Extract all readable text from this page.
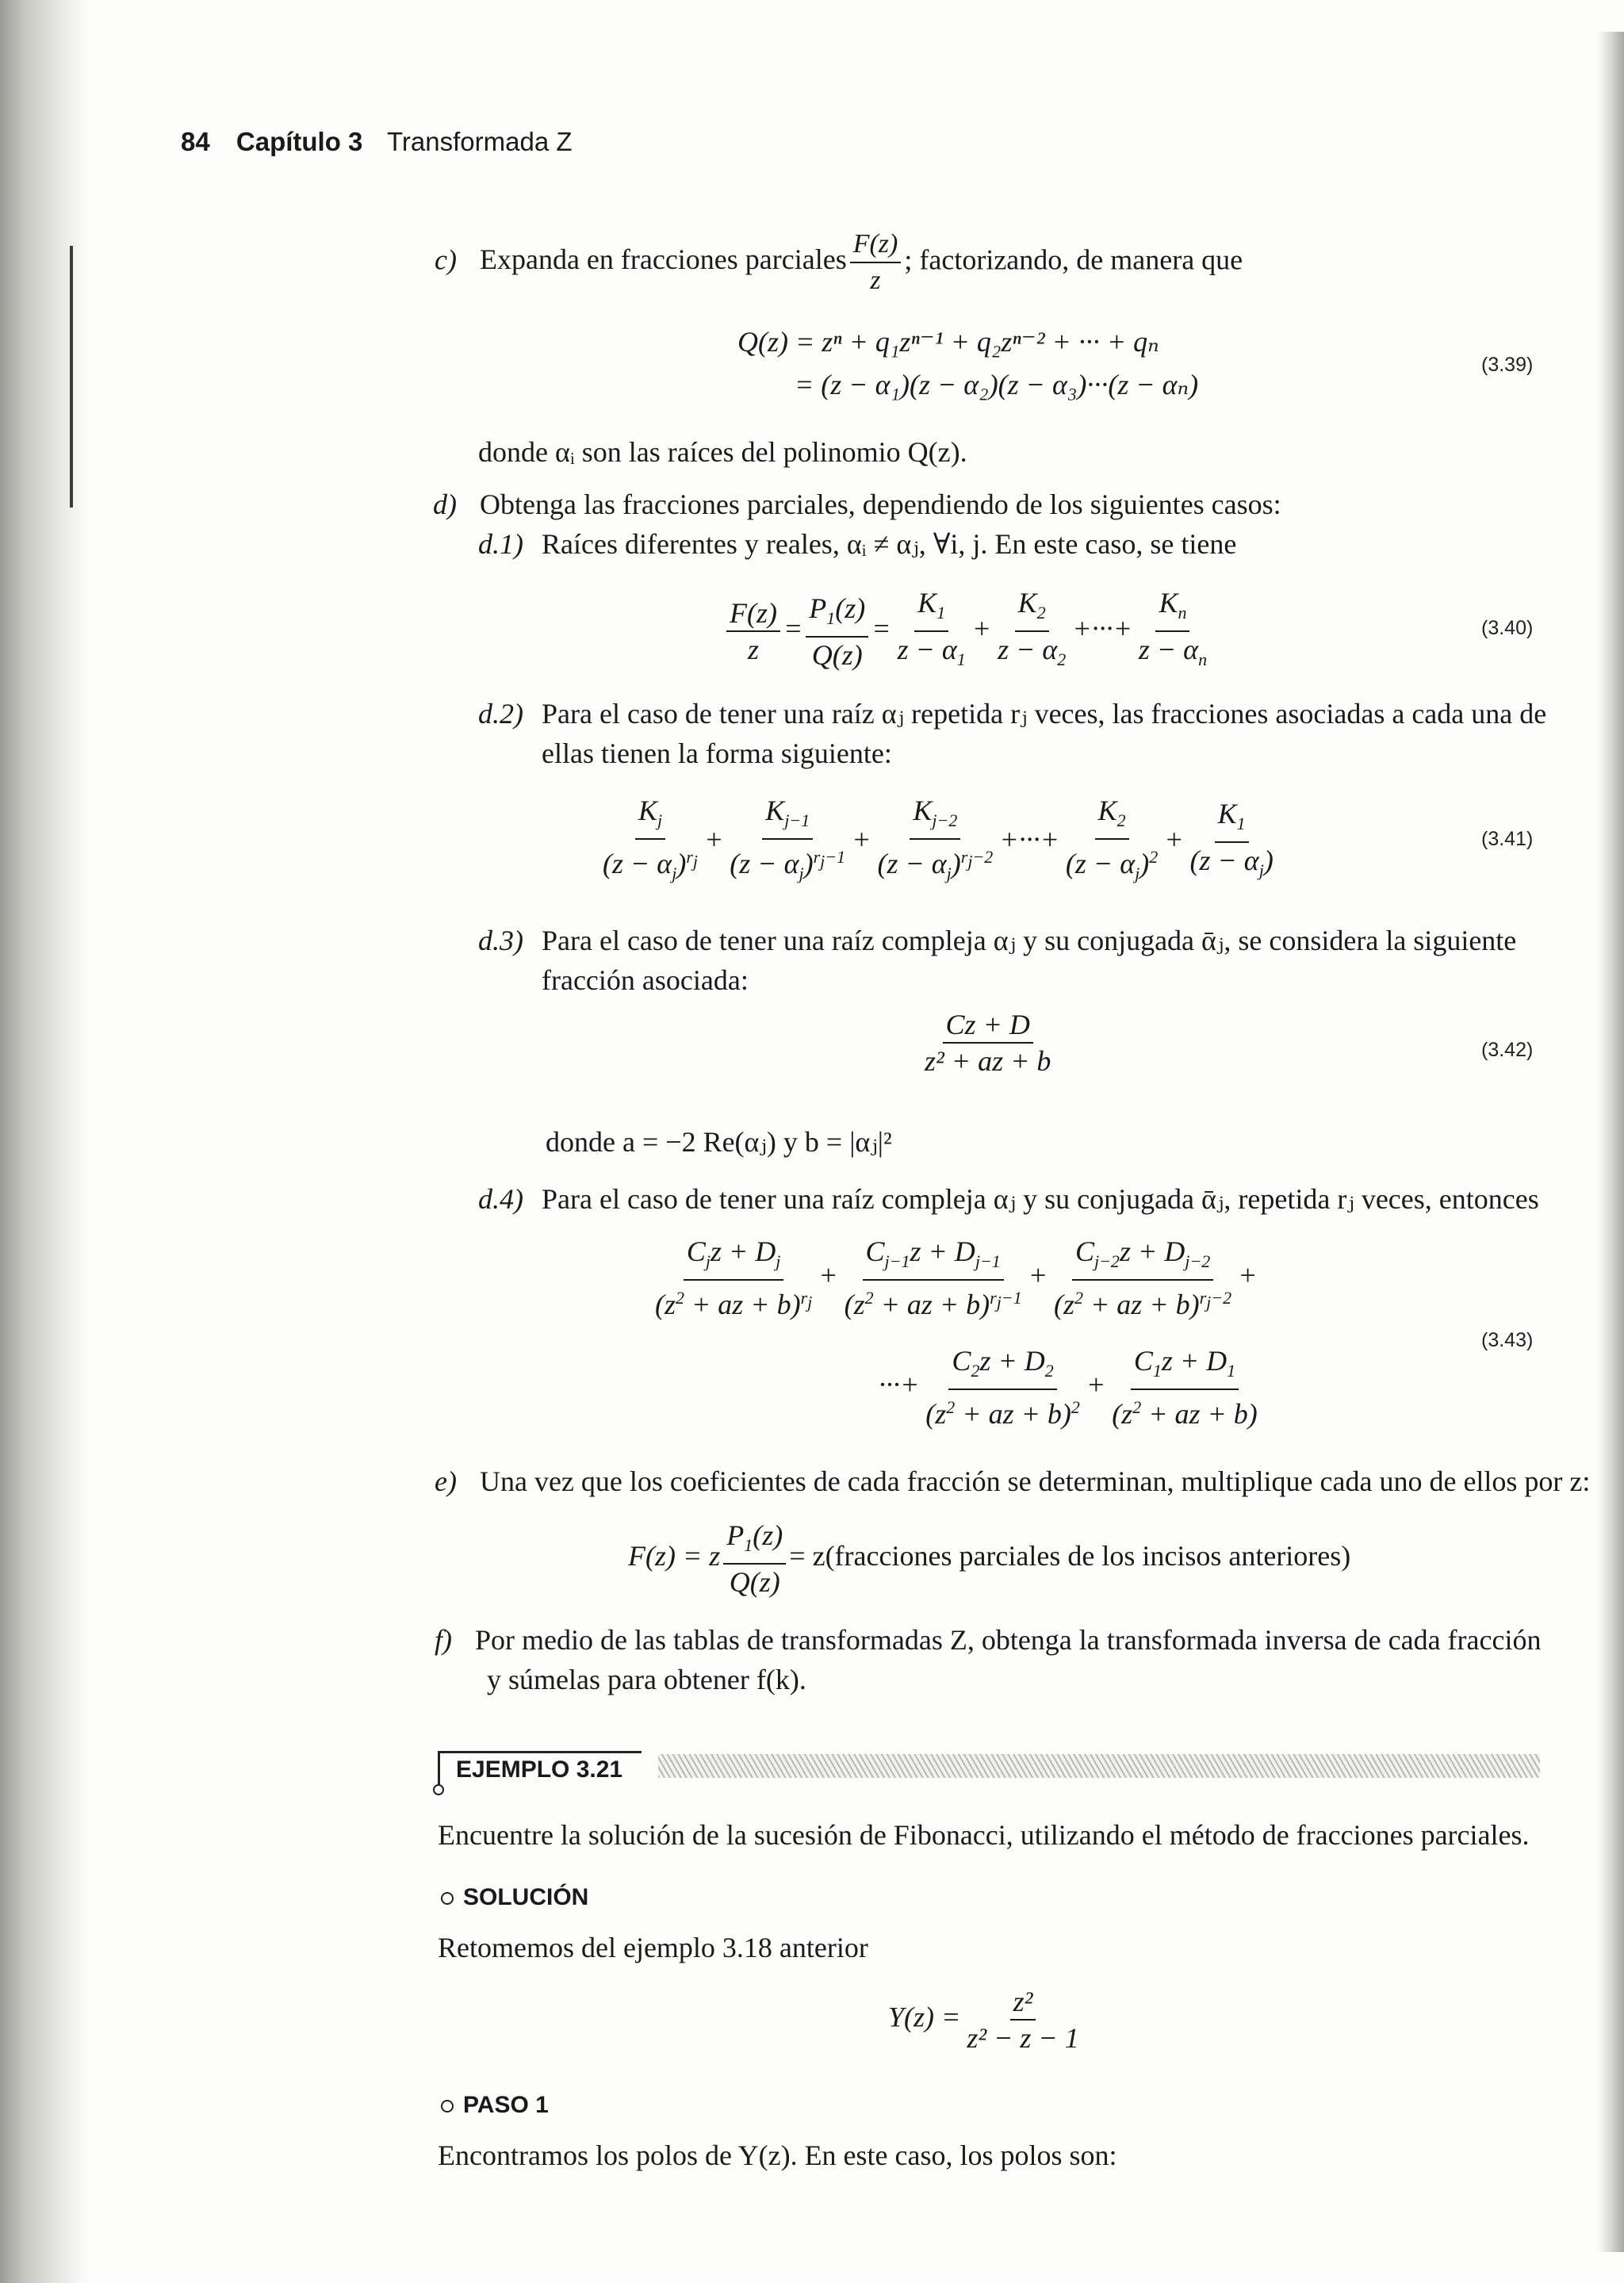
84 Capítulo 3 Transformada Z
c) Expanda en fracciones parciales $\frac{F(z)}{z}$ ; factorizando, de manera que
Q(z) = zⁿ + q₁zⁿ⁻¹ + q₂zⁿ⁻² + ··· + qₙ
= (z − α₁)(z − α₂)(z − α₃)···(z − αₙ)
(3.39)
donde αᵢ son las raíces del polinomio Q(z).
d) Obtenga las fracciones parciales, dependiendo de los siguientes casos:
d.1) Raíces diferentes y reales, αᵢ ≠ αⱼ, ∀i, j. En este caso, se tiene
$\frac{F(z)}{z} = \frac{P_1(z)}{Q(z)} = \frac{K_1}{z - \alpha_1} + \frac{K_2}{z - \alpha_2}$ +···+ $\frac{K_n}{z - \alpha_n}$	(3.40)
d.2) Para el caso de tener una raíz αⱼ repetida rⱼ veces, las fracciones asociadas a cada una de
ellas tienen la forma siguiente:
$\frac{K_j}{(z - \alpha_j)^{r_j}} + \frac{K_{j-1}}{(z - \alpha_j)^{r_j-1}} + \frac{K_{j-2}}{(z - \alpha_j)^{r_j-2}}$ +···+ $\frac{K_2}{(z - \alpha_j)^2} + \frac{K_1}{(z - \alpha_j)}$	(3.41)
d.3) Para el caso de tener una raíz compleja αⱼ y su conjugada ᾱⱼ, se considera la siguiente
fracción asociada:
$\frac{Cz + D}{\text{z² + az + b}}$	(3.42)
donde a = −2 Re(αⱼ) y b = |αⱼ|²
d.4) Para el caso de tener una raíz compleja αⱼ y su conjugada ᾱⱼ, repetida rⱼ veces, entonces
$\frac{C_jz + D_j}{(z^2 + az + b)^{r_j}} + \frac{C_{j-1}z + D_{j-1}}{(z^2 + az + b)^{r_j-1}} + \frac{C_{j-2}z + D_{j-2}}{(z^2 + az + b)^{r_j-2}}$ +
···+ $\frac{C_2z + D_2}{(z^2 + az + b)^2} + \frac{C_1z + D_1}{(z^2 + az + b)}$
(3.43)
e) Una vez que los coeficientes de cada fracción se determinan, multiplique cada uno de ellos por z:
F(z) = z $\frac{P_1(z)}{Q(z)}$ = z(fracciones parciales de los incisos anteriores)
f) Por medio de las tablas de transformadas Z, obtenga la transformada inversa de cada fracción
y súmelas para obtener f(k).
EJEMPLO 3.21
Encuentre la solución de la sucesión de Fibonacci, utilizando el método de fracciones parciales.
SOLUCIÓN
Retomemos del ejemplo 3.18 anterior
$Y(z) = \frac{\text{z²}}{\text{z² − z − 1}}$
PASO 1
Encontramos los polos de Y(z). En este caso, los polos son:
